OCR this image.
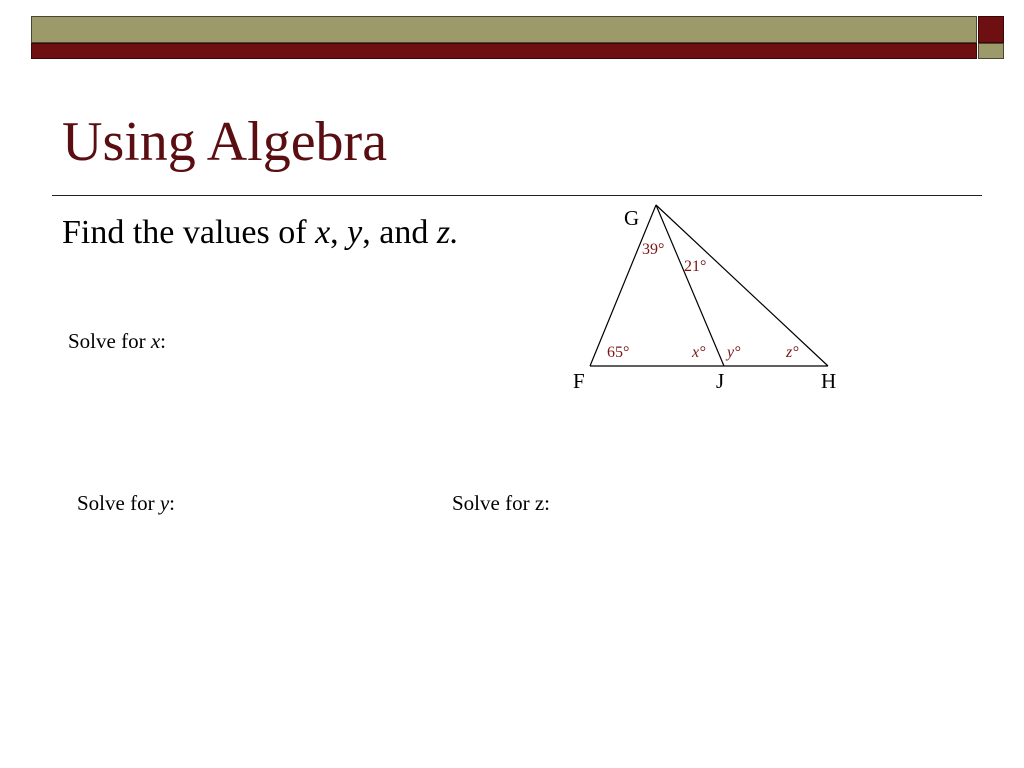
Using Algebra
Find the values of x, y, and z.
Solve for x:
Solve for y:	Solve for z:
G
F	J	H
39°
21°
65°	x° y°	z°
